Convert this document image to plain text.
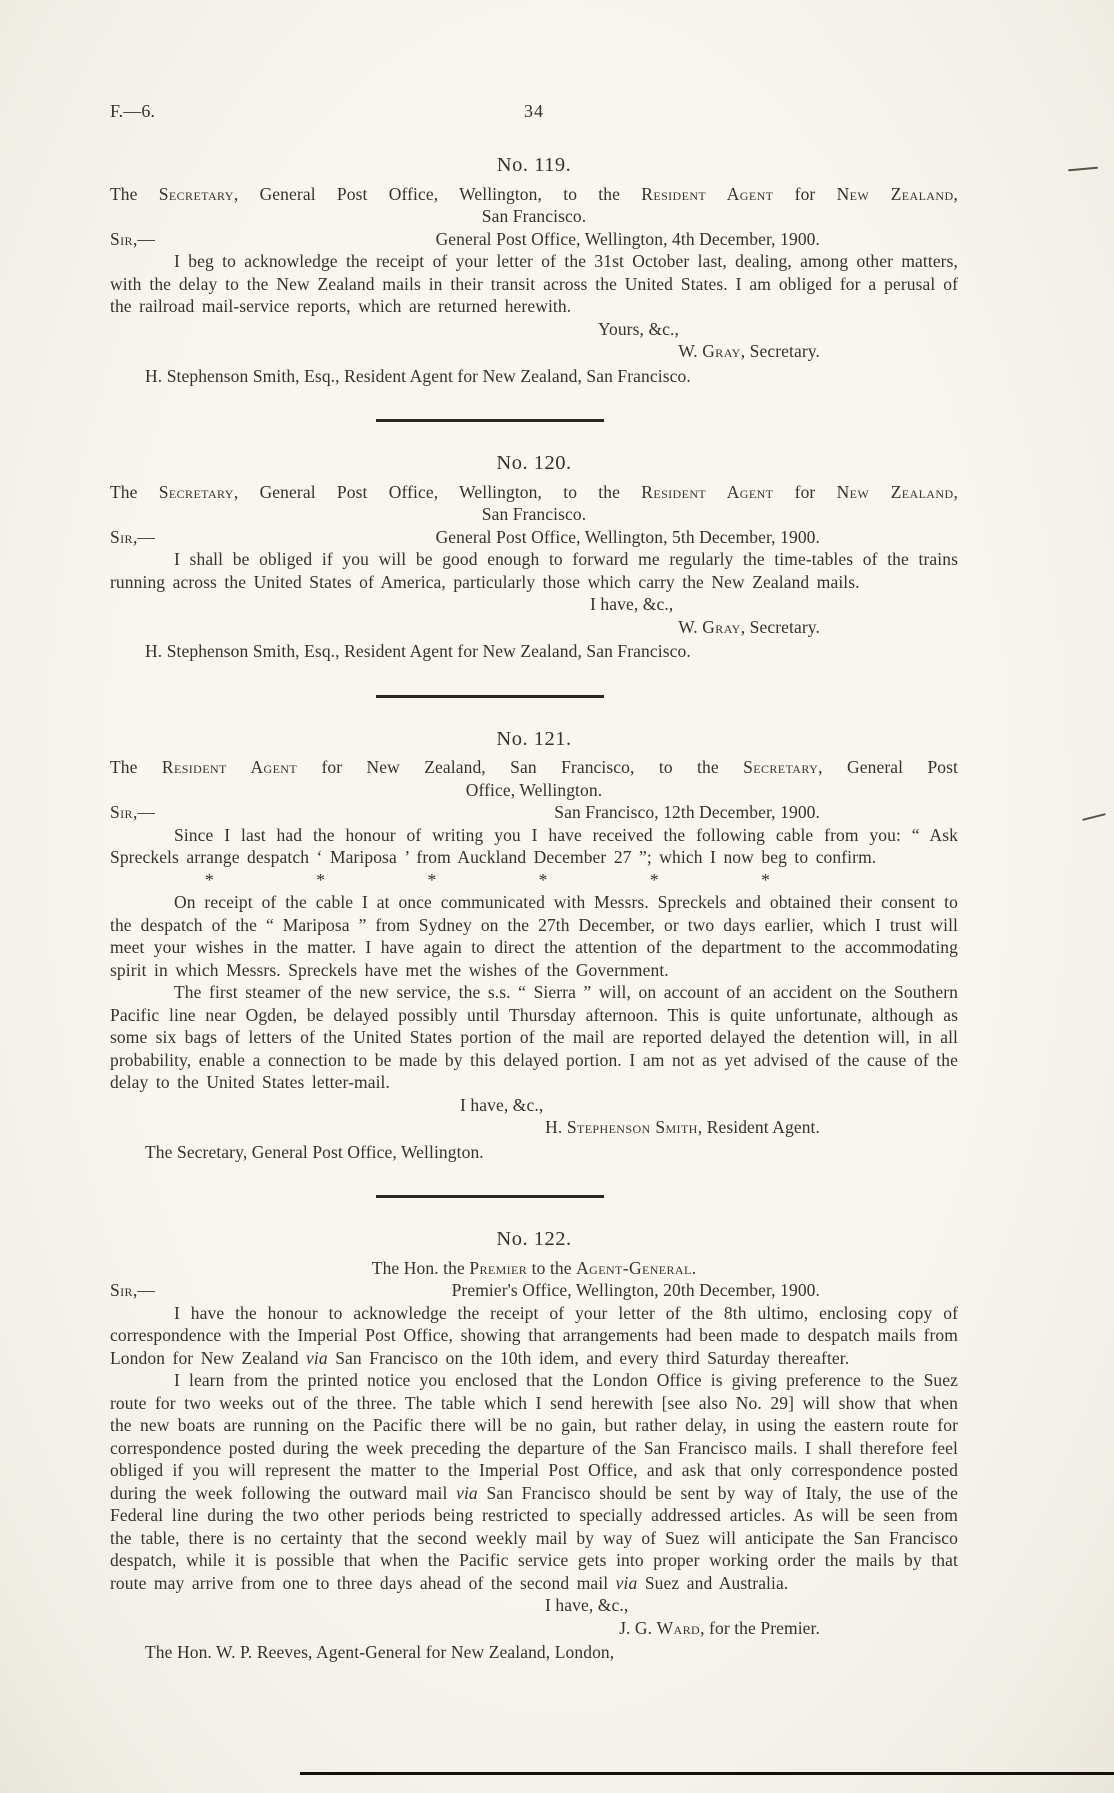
F.—6.	34
No. 119.
The Secretary, General Post Office, Wellington, to the Resident Agent for New Zealand,
San Francisco.
Sir,—	General Post Office, Wellington, 4th December, 1900.

I beg to acknowledge the receipt of your letter of the 31st October last, dealing, among other matters, with the delay to the New Zealand mails in their transit across the United States. I am obliged for a perusal of the railroad mail-service reports, which are returned herewith.

Yours, &c.,
W. Gray, Secretary.
H. Stephenson Smith, Esq., Resident Agent for New Zealand, San Francisco.
No. 120.
The Secretary, General Post Office, Wellington, to the Resident Agent for New Zealand,
San Francisco.
Sir,—	General Post Office, Wellington, 5th December, 1900.

I shall be obliged if you will be good enough to forward me regularly the time-tables of the trains running across the United States of America, particularly those which carry the New Zealand mails.

I have, &c.,
W. Gray, Secretary.
H. Stephenson Smith, Esq., Resident Agent for New Zealand, San Francisco.
No. 121.
The Resident Agent for New Zealand, San Francisco, to the Secretary, General Post
Office, Wellington.
Sir,—	San Francisco, 12th December, 1900.

Since I last had the honour of writing you I have received the following cable from you: “ Ask Spreckels arrange despatch ‘ Mariposa ’ from Auckland December 27 ”; which I now beg to confirm.

*	*	*	*	*	*

On receipt of the cable I at once communicated with Messrs. Spreckels and obtained their consent to the despatch of the “ Mariposa ” from Sydney on the 27th December, or two days earlier, which I trust will meet your wishes in the matter. I have again to direct the attention of the department to the accommodating spirit in which Messrs. Spreckels have met the wishes of the Government.

The first steamer of the new service, the s.s. “ Sierra ” will, on account of an accident on the Southern Pacific line near Ogden, be delayed possibly until Thursday afternoon. This is quite unfortunate, although as some six bags of letters of the United States portion of the mail are reported delayed the detention will, in all probability, enable a connection to be made by this delayed portion. I am not as yet advised of the cause of the delay to the United States letter-mail.

I have, &c.,
H. Stephenson Smith, Resident Agent.
The Secretary, General Post Office, Wellington.
No. 122.
The Hon. the Premier to the Agent-General.
Sir,—	Premier's Office, Wellington, 20th December, 1900.

I have the honour to acknowledge the receipt of your letter of the 8th ultimo, enclosing copy of correspondence with the Imperial Post Office, showing that arrangements had been made to despatch mails from London for New Zealand via San Francisco on the 10th idem, and every third Saturday thereafter.

I learn from the printed notice you enclosed that the London Office is giving preference to the Suez route for two weeks out of the three. The table which I send herewith [see also No. 29] will show that when the new boats are running on the Pacific there will be no gain, but rather delay, in using the eastern route for correspondence posted during the week preceding the departure of the San Francisco mails. I shall therefore feel obliged if you will represent the matter to the Imperial Post Office, and ask that only correspondence posted during the week following the outward mail via San Francisco should be sent by way of Italy, the use of the Federal line during the two other periods being restricted to specially addressed articles. As will be seen from the table, there is no certainty that the second weekly mail by way of Suez will anticipate the San Francisco despatch, while it is possible that when the Pacific service gets into proper working order the mails by that route may arrive from one to three days ahead of the second mail via Suez and Australia.

I have, &c.,
J. G. Ward, for the Premier.
The Hon. W. P. Reeves, Agent-General for New Zealand, London,
